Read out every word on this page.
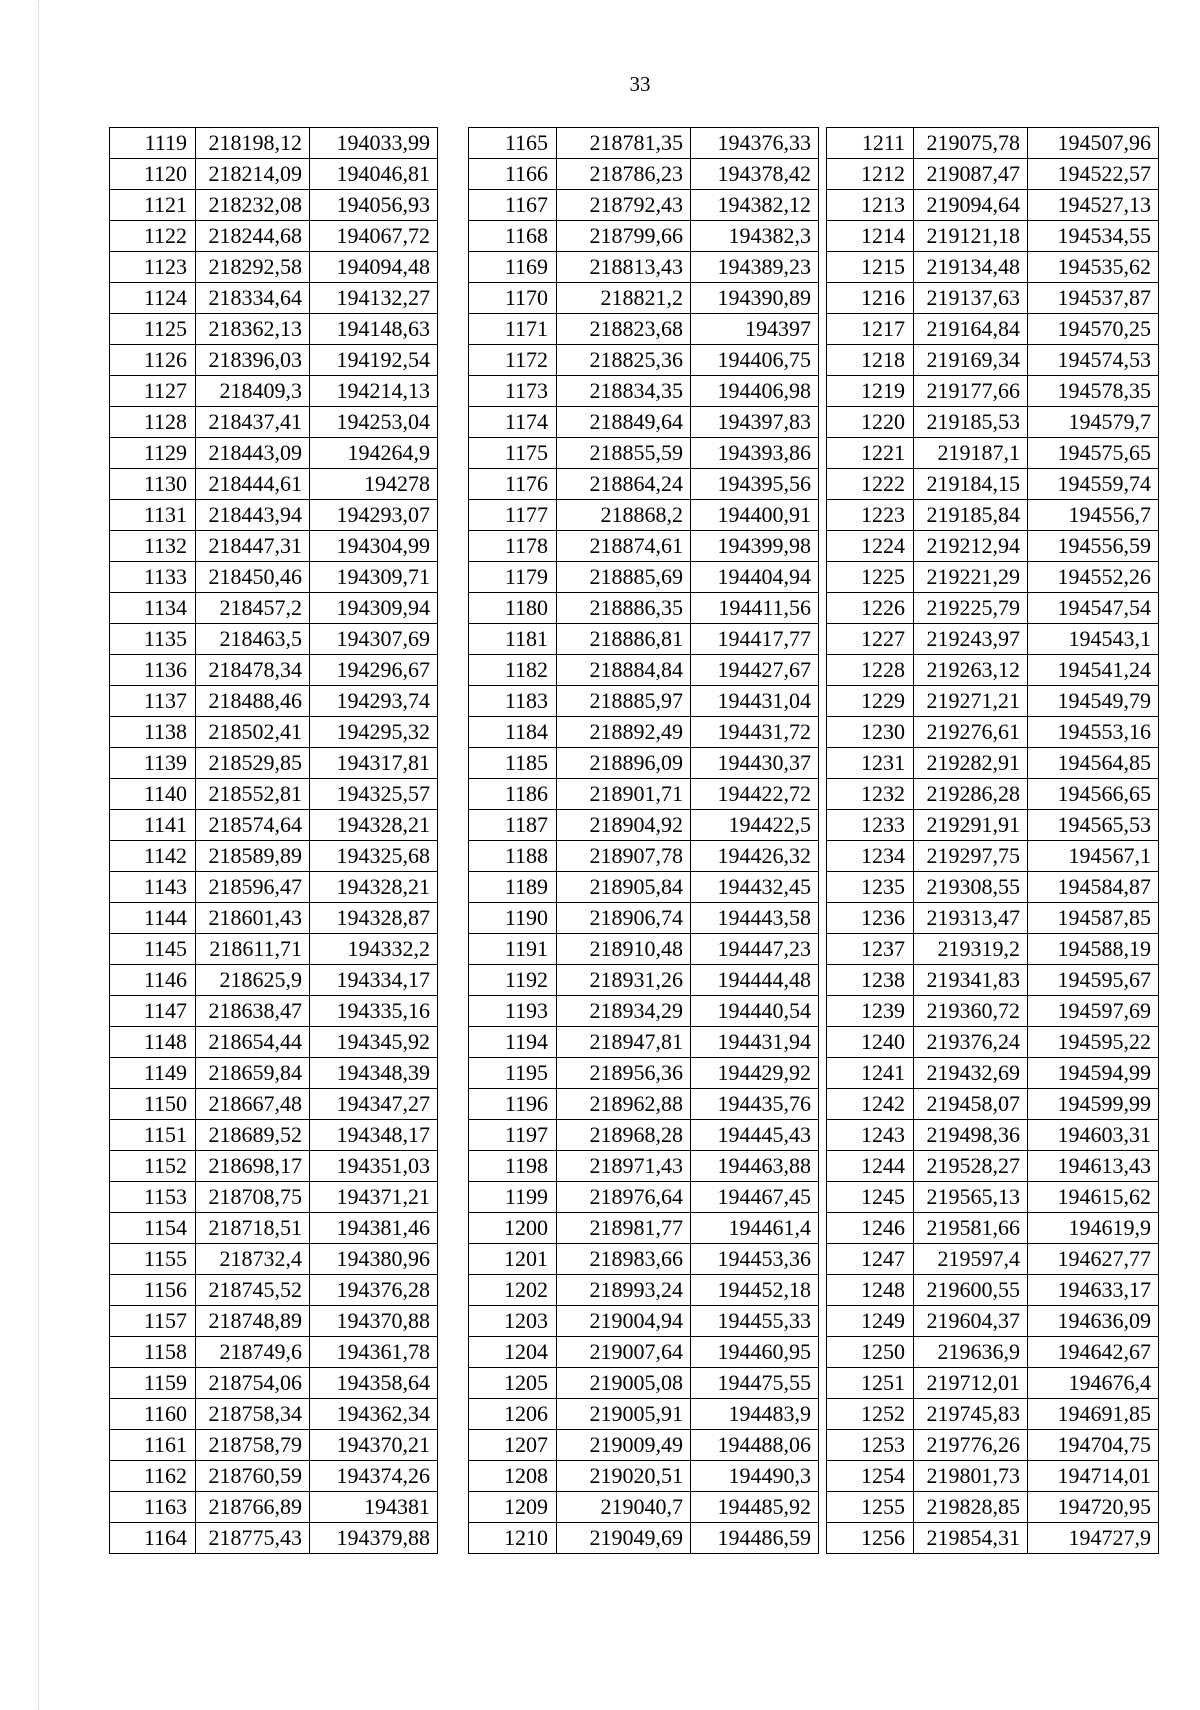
33
1119	218198,12	194033,99
1120	218214,09	194046,81
1121	218232,08	194056,93
1122	218244,68	194067,72
1123	218292,58	194094,48
1124	218334,64	194132,27
1125	218362,13	194148,63
1126	218396,03	194192,54
1127	218409,3	194214,13
1128	218437,41	194253,04
1129	218443,09	194264,9
1130	218444,61	194278
1131	218443,94	194293,07
1132	218447,31	194304,99
1133	218450,46	194309,71
1134	218457,2	194309,94
1135	218463,5	194307,69
1136	218478,34	194296,67
1137	218488,46	194293,74
1138	218502,41	194295,32
1139	218529,85	194317,81
1140	218552,81	194325,57
1141	218574,64	194328,21
1142	218589,89	194325,68
1143	218596,47	194328,21
1144	218601,43	194328,87
1145	218611,71	194332,2
1146	218625,9	194334,17
1147	218638,47	194335,16
1148	218654,44	194345,92
1149	218659,84	194348,39
1150	218667,48	194347,27
1151	218689,52	194348,17
1152	218698,17	194351,03
1153	218708,75	194371,21
1154	218718,51	194381,46
1155	218732,4	194380,96
1156	218745,52	194376,28
1157	218748,89	194370,88
1158	218749,6	194361,78
1159	218754,06	194358,64
1160	218758,34	194362,34
1161	218758,79	194370,21
1162	218760,59	194374,26
1163	218766,89	194381
1164	218775,43	194379,88
1165	218781,35	194376,33
1166	218786,23	194378,42
1167	218792,43	194382,12
1168	218799,66	194382,3
1169	218813,43	194389,23
1170	218821,2	194390,89
1171	218823,68	194397
1172	218825,36	194406,75
1173	218834,35	194406,98
1174	218849,64	194397,83
1175	218855,59	194393,86
1176	218864,24	194395,56
1177	218868,2	194400,91
1178	218874,61	194399,98
1179	218885,69	194404,94
1180	218886,35	194411,56
1181	218886,81	194417,77
1182	218884,84	194427,67
1183	218885,97	194431,04
1184	218892,49	194431,72
1185	218896,09	194430,37
1186	218901,71	194422,72
1187	218904,92	194422,5
1188	218907,78	194426,32
1189	218905,84	194432,45
1190	218906,74	194443,58
1191	218910,48	194447,23
1192	218931,26	194444,48
1193	218934,29	194440,54
1194	218947,81	194431,94
1195	218956,36	194429,92
1196	218962,88	194435,76
1197	218968,28	194445,43
1198	218971,43	194463,88
1199	218976,64	194467,45
1200	218981,77	194461,4
1201	218983,66	194453,36
1202	218993,24	194452,18
1203	219004,94	194455,33
1204	219007,64	194460,95
1205	219005,08	194475,55
1206	219005,91	194483,9
1207	219009,49	194488,06
1208	219020,51	194490,3
1209	219040,7	194485,92
1210	219049,69	194486,59
1211	219075,78	194507,96
1212	219087,47	194522,57
1213	219094,64	194527,13
1214	219121,18	194534,55
1215	219134,48	194535,62
1216	219137,63	194537,87
1217	219164,84	194570,25
1218	219169,34	194574,53
1219	219177,66	194578,35
1220	219185,53	194579,7
1221	219187,1	194575,65
1222	219184,15	194559,74
1223	219185,84	194556,7
1224	219212,94	194556,59
1225	219221,29	194552,26
1226	219225,79	194547,54
1227	219243,97	194543,1
1228	219263,12	194541,24
1229	219271,21	194549,79
1230	219276,61	194553,16
1231	219282,91	194564,85
1232	219286,28	194566,65
1233	219291,91	194565,53
1234	219297,75	194567,1
1235	219308,55	194584,87
1236	219313,47	194587,85
1237	219319,2	194588,19
1238	219341,83	194595,67
1239	219360,72	194597,69
1240	219376,24	194595,22
1241	219432,69	194594,99
1242	219458,07	194599,99
1243	219498,36	194603,31
1244	219528,27	194613,43
1245	219565,13	194615,62
1246	219581,66	194619,9
1247	219597,4	194627,77
1248	219600,55	194633,17
1249	219604,37	194636,09
1250	219636,9	194642,67
1251	219712,01	194676,4
1252	219745,83	194691,85
1253	219776,26	194704,75
1254	219801,73	194714,01
1255	219828,85	194720,95
1256	219854,31	194727,9
